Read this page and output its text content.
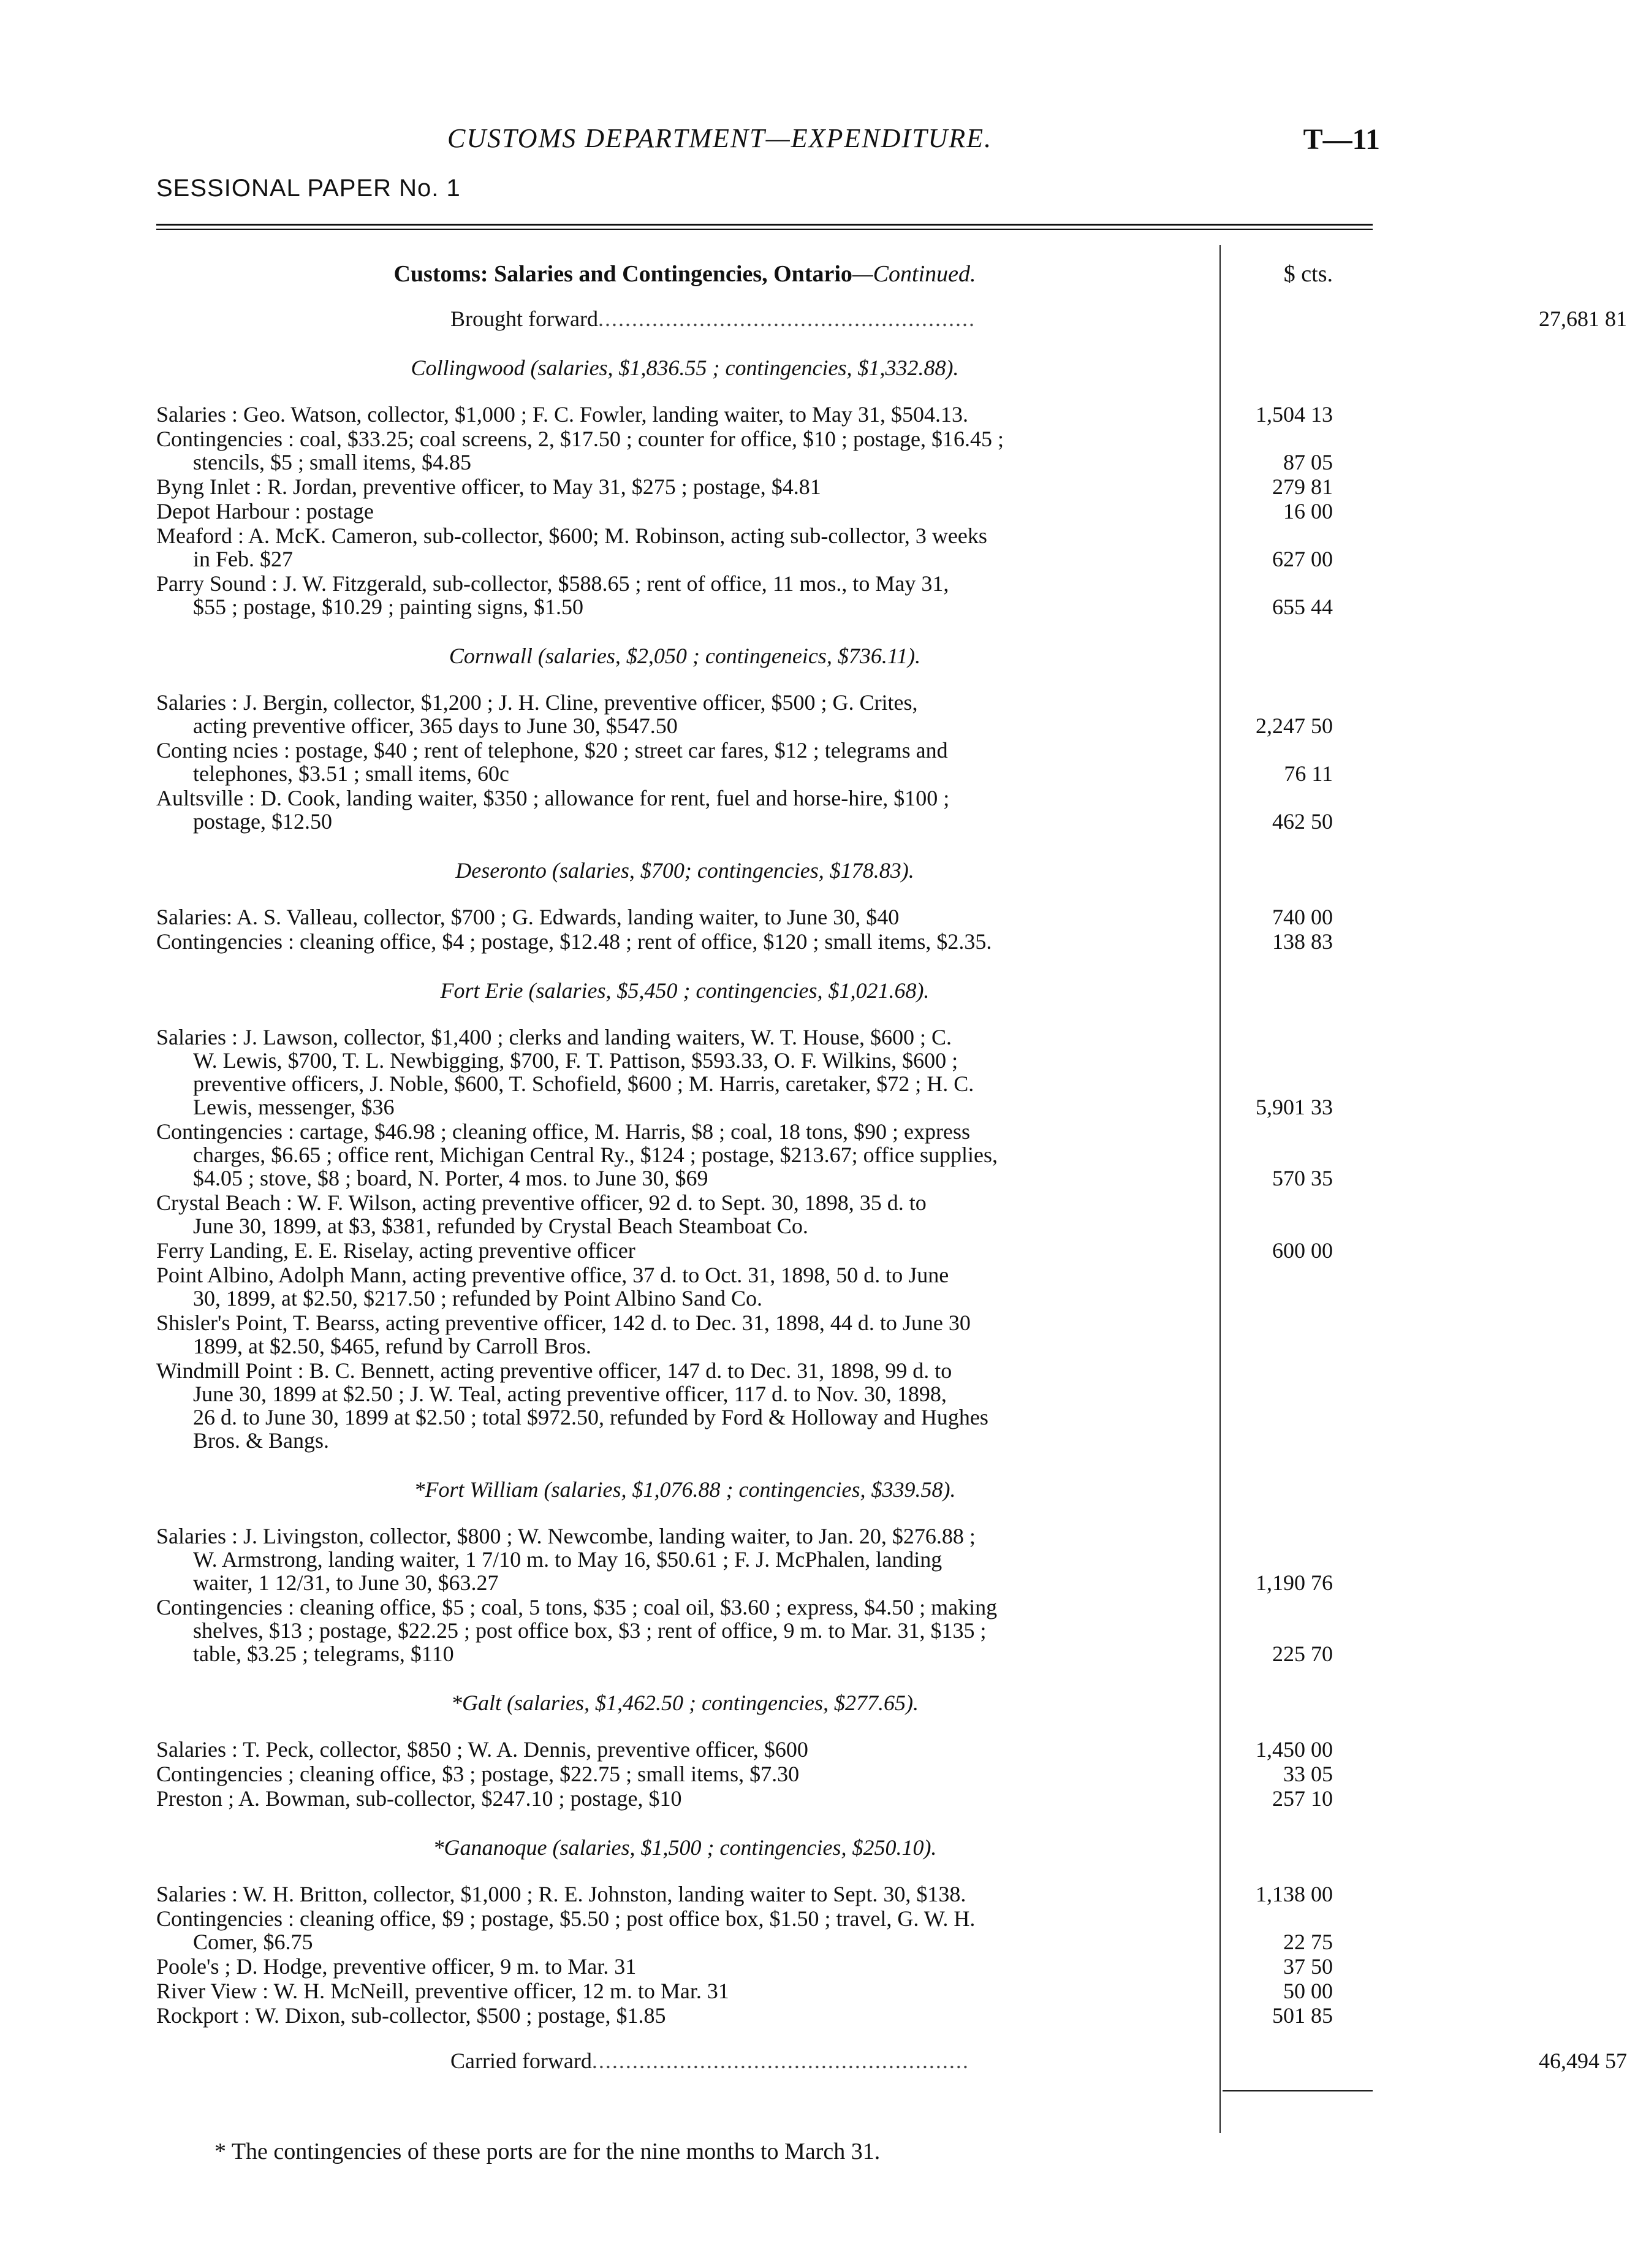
CUSTOMS DEPARTMENT—EXPENDITURE.	T—11
SESSIONAL PAPER No. 1
Customs: Salaries and Contingencies, Ontario—Continued.	$ cts.
Brought forward........................................................	27,681 81
Collingwood (salaries, $1,836.55 ; contingencies, $1,332.88).
Salaries : Geo. Watson, collector, $1,000 ; F. C. Fowler, landing waiter, to May 31, $504.13.	1,504 13
Contingencies : coal, $33.25; coal screens, 2, $17.50 ; counter for office, $10 ; postage, $16.45 ;
stencils, $5 ; small items, $4.85	87 05
Byng Inlet : R. Jordan, preventive officer, to May 31, $275 ; postage, $4.81	279 81
Depot Harbour : postage	16 00
Meaford : A. McK. Cameron, sub-collector, $600; M. Robinson, acting sub-collector, 3 weeks
in Feb. $27	627 00
Parry Sound : J. W. Fitzgerald, sub-collector, $588.65 ; rent of office, 11 mos., to May 31,
$55 ; postage, $10.29 ; painting signs, $1.50	655 44
Cornwall (salaries, $2,050 ; contingeneics, $736.11).
Salaries : J. Bergin, collector, $1,200 ; J. H. Cline, preventive officer, $500 ; G. Crites,
acting preventive officer, 365 days to June 30, $547.50	2,247 50
Conting ncies : postage, $40 ; rent of telephone, $20 ; street car fares, $12 ; telegrams and
telephones, $3.51 ; small items, 60c	76 11
Aultsville : D. Cook, landing waiter, $350 ; allowance for rent, fuel and horse-hire, $100 ;
postage, $12.50	462 50
Deseronto (salaries, $700; contingencies, $178.83).
Salaries: A. S. Valleau, collector, $700 ; G. Edwards, landing waiter, to June 30, $40	740 00
Contingencies : cleaning office, $4 ; postage, $12.48 ; rent of office, $120 ; small items, $2.35.	138 83
Fort Erie (salaries, $5,450 ; contingencies, $1,021.68).
Salaries : J. Lawson, collector, $1,400 ; clerks and landing waiters, W. T. House, $600 ; C.
W. Lewis, $700, T. L. Newbigging, $700, F. T. Pattison, $593.33, O. F. Wilkins, $600 ;
preventive officers, J. Noble, $600, T. Schofield, $600 ; M. Harris, caretaker, $72 ; H. C.
Lewis, messenger, $36	5,901 33
Contingencies : cartage, $46.98 ; cleaning office, M. Harris, $8 ; coal, 18 tons, $90 ; express
charges, $6.65 ; office rent, Michigan Central Ry., $124 ; postage, $213.67; office supplies,
$4.05 ; stove, $8 ; board, N. Porter, 4 mos. to June 30, $69	570 35
Crystal Beach : W. F. Wilson, acting preventive officer, 92 d. to Sept. 30, 1898, 35 d. to
June 30, 1899, at $3, $381, refunded by Crystal Beach Steamboat Co.
Ferry Landing, E. E. Riselay, acting preventive officer	600 00
Point Albino, Adolph Mann, acting preventive office, 37 d. to Oct. 31, 1898, 50 d. to June
30, 1899, at $2.50, $217.50 ; refunded by Point Albino Sand Co.
Shisler's Point, T. Bearss, acting preventive officer, 142 d. to Dec. 31, 1898, 44 d. to June 30
1899, at $2.50, $465, refund by Carroll Bros.
Windmill Point : B. C. Bennett, acting preventive officer, 147 d. to Dec. 31, 1898, 99 d. to
June 30, 1899 at $2.50 ; J. W. Teal, acting preventive officer, 117 d. to Nov. 30, 1898,
26 d. to June 30, 1899 at $2.50 ; total $972.50, refunded by Ford & Holloway and Hughes
Bros. & Bangs.
*Fort William (salaries, $1,076.88 ; contingencies, $339.58).
Salaries : J. Livingston, collector, $800 ; W. Newcombe, landing waiter, to Jan. 20, $276.88 ;
W. Armstrong, landing waiter, 1 7/10 m. to May 16, $50.61 ; F. J. McPhalen, landing
waiter, 1 12/31, to June 30, $63.27	1,190 76
Contingencies : cleaning office, $5 ; coal, 5 tons, $35 ; coal oil, $3.60 ; express, $4.50 ; making
shelves, $13 ; postage, $22.25 ; post office box, $3 ; rent of office, 9 m. to Mar. 31, $135 ;
table, $3.25 ; telegrams, $110	225 70
*Galt (salaries, $1,462.50 ; contingencies, $277.65).
Salaries : T. Peck, collector, $850 ; W. A. Dennis, preventive officer, $600	1,450 00
Contingencies ; cleaning office, $3 ; postage, $22.75 ; small items, $7.30	33 05
Preston ; A. Bowman, sub-collector, $247.10 ; postage, $10	257 10
*Gananoque (salaries, $1,500 ; contingencies, $250.10).
Salaries : W. H. Britton, collector, $1,000 ; R. E. Johnston, landing waiter to Sept. 30, $138.	1,138 00
Contingencies : cleaning office, $9 ; postage, $5.50 ; post office box, $1.50 ; travel, G. W. H.
Comer, $6.75	22 75
Poole's ; D. Hodge, preventive officer, 9 m. to Mar. 31	37 50
River View : W. H. McNeill, preventive officer, 12 m. to Mar. 31	50 00
Rockport : W. Dixon, sub-collector, $500 ; postage, $1.85	501 85
Carried forward........................................................	46,494 57
* The contingencies of these ports are for the nine months to March 31.
